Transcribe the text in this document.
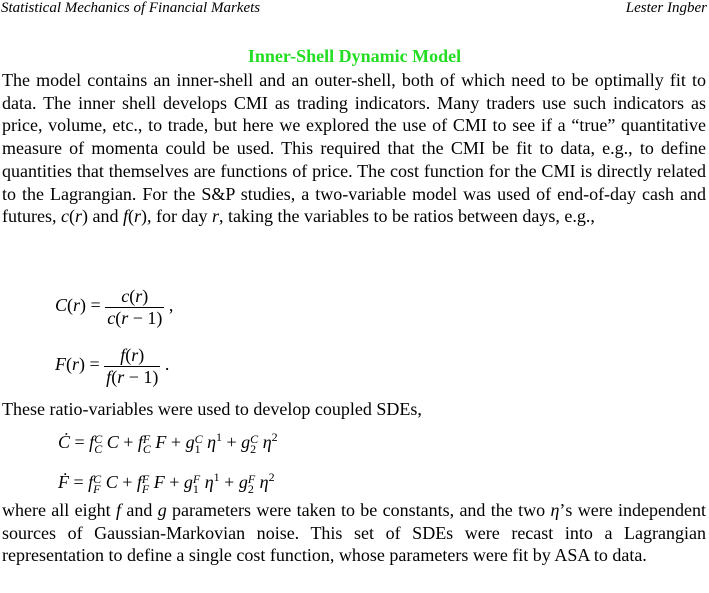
Statistical Mechanics of Financial Markets	Lester Ingber
Inner-Shell Dynamic Model
The model contains an inner-shell and an outer-shell, both of which need to be optimally fit to data. The inner shell develops CMI as trading indicators. Many traders use such indicators as price, volume, etc., to trade, but here we explored the use of CMI to see if a “true” quantitative measure of momenta could be used. This required that the CMI be fit to data, e.g., to define quantities that themselves are functions of price. The cost function for the CMI is directly related to the Lagrangian. For the S&P studies, a two-variable model was used of end-of-day cash and futures, c(r) and f(r), for day r, taking the variables to be ratios between days, e.g.,
$C(r) = \frac{c(r)}{c(r - 1)}$ ,
$F(r) = \frac{f(r)}{f(r - 1)}$ .
These ratio-variables were used to develop coupled SDEs,
Ċ = f C
C C + f F
C F + g C
1 $\eta^1 + g$ C
2 $\eta^2$
Ḟ = f C
F C + f F
F F + g F
1 $\eta^1 + g$ F
2 $\eta^2$
where all eight f and g parameters were taken to be constants, and the two η’s were independent sources of Gaussian-Markovian noise. This set of SDEs were recast into a Lagrangian representation to define a single cost function, whose parameters were fit by ASA to data.
